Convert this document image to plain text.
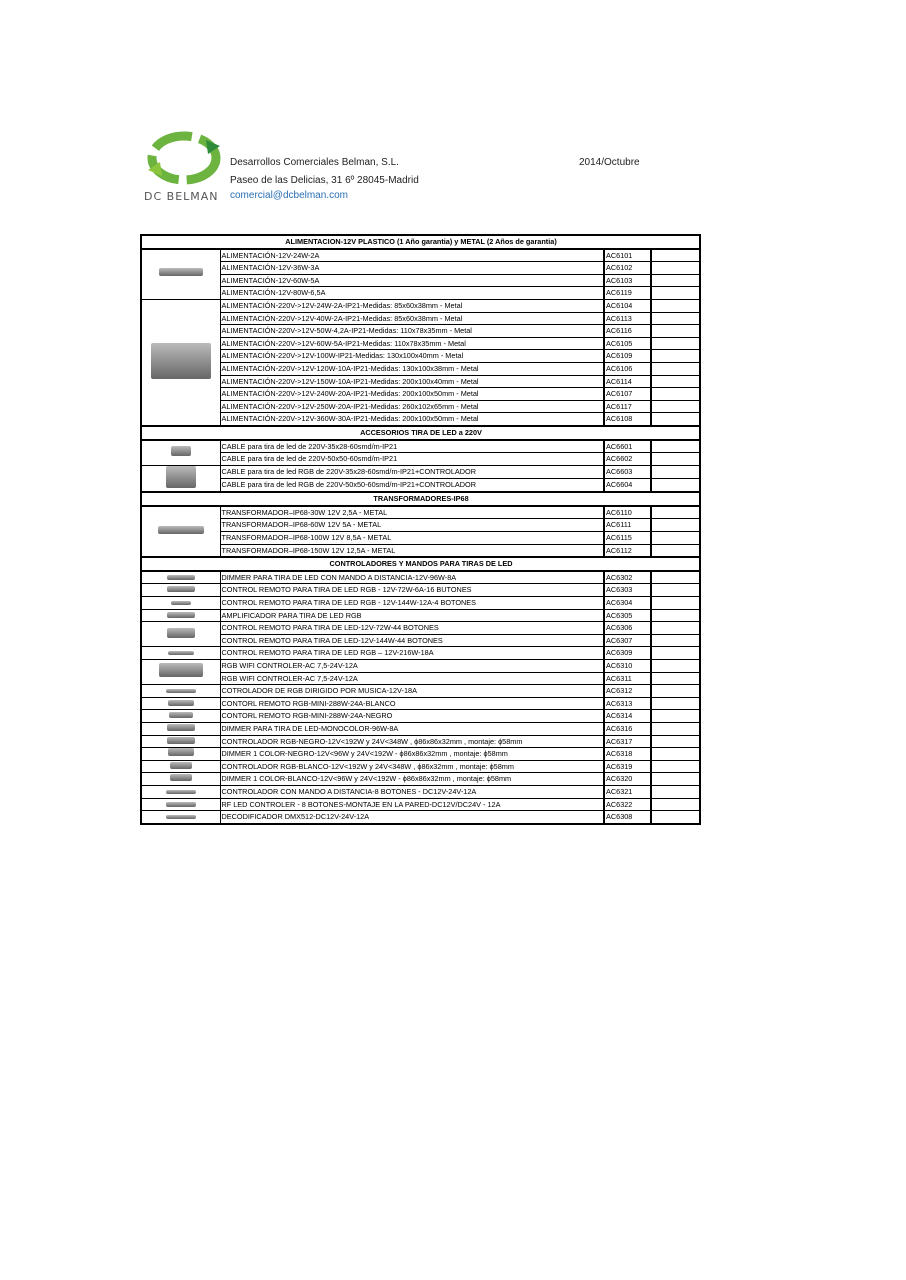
DC BELMAN
Desarrollos Comerciales Belman, S.L.
Paseo de las Delicias, 31 6º 28045-Madrid
comercial@dcbelman.com
2014/Octubre
ALIMENTACION-12V PLASTICO (1 Año garantia) y METAL (2 Años de garantia)			
	ALIMENTACIÓN-12V-24W-2A	AC6101	
	ALIMENTACIÓN-12V-36W-3A	AC6102	
	ALIMENTACIÓN-12V-60W-5A	AC6103	
	ALIMENTACIÓN-12V-80W-6,5A	AC6119	
	ALIMENTACIÓN-220V->12V-24W-2A-IP21-Medidas: 85x60x38mm - Metal	AC6104	
	ALIMENTACIÓN-220V->12V-40W-2A-IP21-Medidas: 85x60x38mm - Metal	AC6113	
	ALIMENTACIÓN-220V->12V-50W-4,2A-IP21-Medidas: 110x78x35mm - Metal	AC6116	
	ALIMENTACIÓN-220V->12V-60W-5A-IP21-Medidas: 110x78x35mm - Metal	AC6105	
	ALIMENTACIÓN-220V->12V-100W-IP21-Medidas: 130x100x40mm - Metal	AC6109	
	ALIMENTACIÓN-220V->12V-120W-10A-IP21-Medidas: 130x100x38mm - Metal	AC6106	
	ALIMENTACIÓN-220V->12V-150W-10A-IP21-Medidas: 200x100x40mm - Metal	AC6114	
	ALIMENTACIÓN-220V->12V-240W-20A-IP21-Medidas: 200x100x50mm - Metal	AC6107	
	ALIMENTACIÓN-220V->12V-250W-20A-IP21-Medidas: 260x102x65mm - Metal	AC6117	
	ALIMENTACIÓN-220V->12V-360W-30A-IP21-Medidas: 200x100x50mm - Metal	AC6108	
ACCESORIOS TIRA DE LED a 220V			
	CABLE para tira de led de 220V-35x28-60smd/m-IP21	AC6601	
	CABLE para tira de led de 220V-50x50-60smd/m-IP21	AC6602	
	CABLE para tira de led RGB de 220V-35x28-60smd/m-IP21+CONTROLADOR	AC6603	
	CABLE para tira de led RGB de 220V-50x50-60smd/m-IP21+CONTROLADOR	AC6604	
TRANSFORMADORES-IP68			
	TRANSFORMADOR–IP68-30W 12V 2,5A - METAL	AC6110	
	TRANSFORMADOR–IP68-60W 12V 5A - METAL	AC6111	
	TRANSFORMADOR–IP68-100W 12V 8,5A - METAL	AC6115	
	TRANSFORMADOR–IP68-150W 12V 12,5A - METAL	AC6112	
CONTROLADORES Y MANDOS PARA TIRAS DE LED			
	DIMMER PARA TIRA DE LED CON MANDO A DISTANCIA-12V-96W-8A	AC6302	
	CONTROL REMOTO PARA TIRA DE LED RGB - 12V-72W-6A-16 BUTONES	AC6303	
	CONTROL REMOTO PARA TIRA DE LED RGB - 12V-144W-12A-4 BOTONES	AC6304	
	AMPLIFICADOR PARA TIRA DE LED RGB	AC6305	
	CONTROL REMOTO PARA TIRA DE LED-12V-72W-44 BOTONES	AC6306	
	CONTROL REMOTO PARA TIRA DE LED-12V-144W-44 BOTONES	AC6307	
	CONTROL REMOTO PARA TIRA DE LED RGB – 12V-216W-18A	AC6309	
	RGB WIFI CONTROLER-AC 7,5-24V-12A	AC6310	
	RGB WIFI CONTROLER-AC 7,5-24V-12A	AC6311	
	COTROLADOR DE RGB DIRIGIDO POR MUSICA-12V-18A	AC6312	
	CONTORL REMOTO RGB-MINI-288W-24A-BLANCO	AC6313	
	CONTORL REMOTO RGB-MINI-288W-24A-NEGRO	AC6314	
	DIMMER PARA TIRA DE LED-MONOCOLOR-96W-8A	AC6316	
	CONTROLADOR RGB-NEGRO-12V<192W y 24V<348W , ϕ86x86x32mm , montaje: ϕ58mm	AC6317	
	DIMMER 1 COLOR-NEGRO-12V<96W y 24V<192W - ϕ86x86x32mm , montaje: ϕ58mm	AC6318	
	CONTROLADOR RGB-BLANCO-12V<192W y 24V<348W , ϕ86x32mm , montaje: ϕ58mm	AC6319	
	DIMMER 1 COLOR-BLANCO-12V<96W y 24V<192W - ϕ86x86x32mm , montaje: ϕ58mm	AC6320	
	CONTROLADOR CON MANDO A DISTANCIA-8 BOTONES - DC12V-24V-12A	AC6321	
	RF LED CONTROLER - 8 BOTONES-MONTAJE EN LA PARED-DC12V/DC24V - 12A	AC6322	
	DECODIFICADOR DMX512-DC12V-24V-12A	AC6308	
